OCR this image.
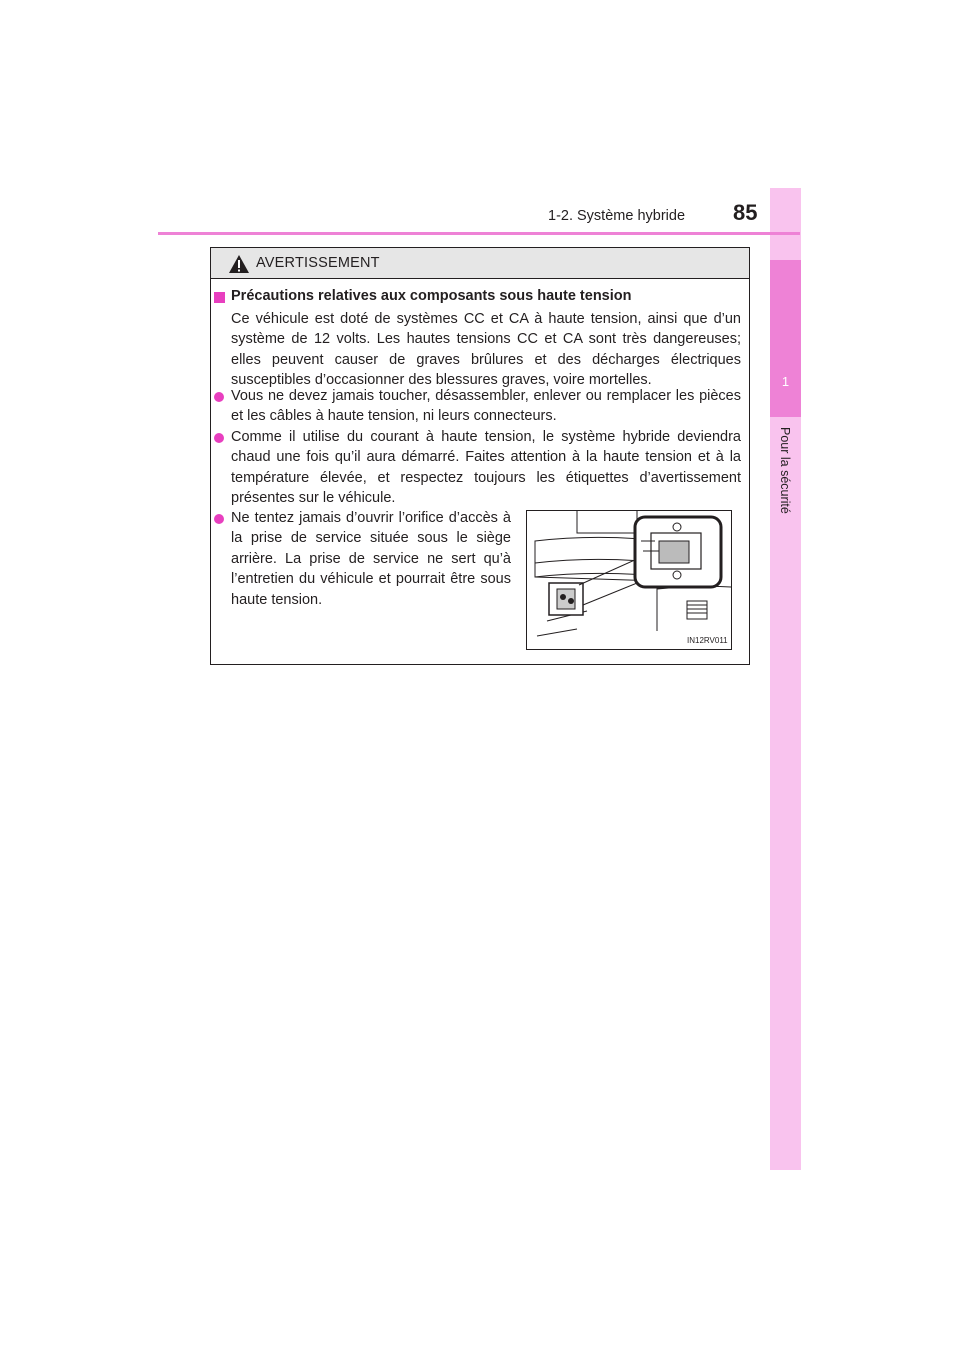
1
Pour la sécurité
1-2. Système hybride 85
AVERTISSEMENT
Précautions relatives aux composants sous haute tension
Ce véhicule est doté de systèmes CC et CA à haute tension, ainsi que d’un système de 12 volts. Les hautes tensions CC et CA sont très dangereuses; elles peuvent causer de graves brûlures et des décharges électriques susceptibles d’occasionner des blessures graves, voire mortelles.
Vous ne devez jamais toucher, désassembler, enlever ou remplacer les pièces et les câbles à haute tension, ni leurs connecteurs.
Comme il utilise du courant à haute tension, le système hybride deviendra chaud une fois qu’il aura démarré. Faites attention à la haute tension et à la température élevée, et respectez toujours les étiquettes d’avertissement présentes sur le véhicule.
Ne tentez jamais d’ouvrir l’orifice d’accès à la prise de service située sous le siège arrière. La prise de service ne sert qu’à l’entretien du véhicule et pourrait être sous haute tension.
IN12RV011
